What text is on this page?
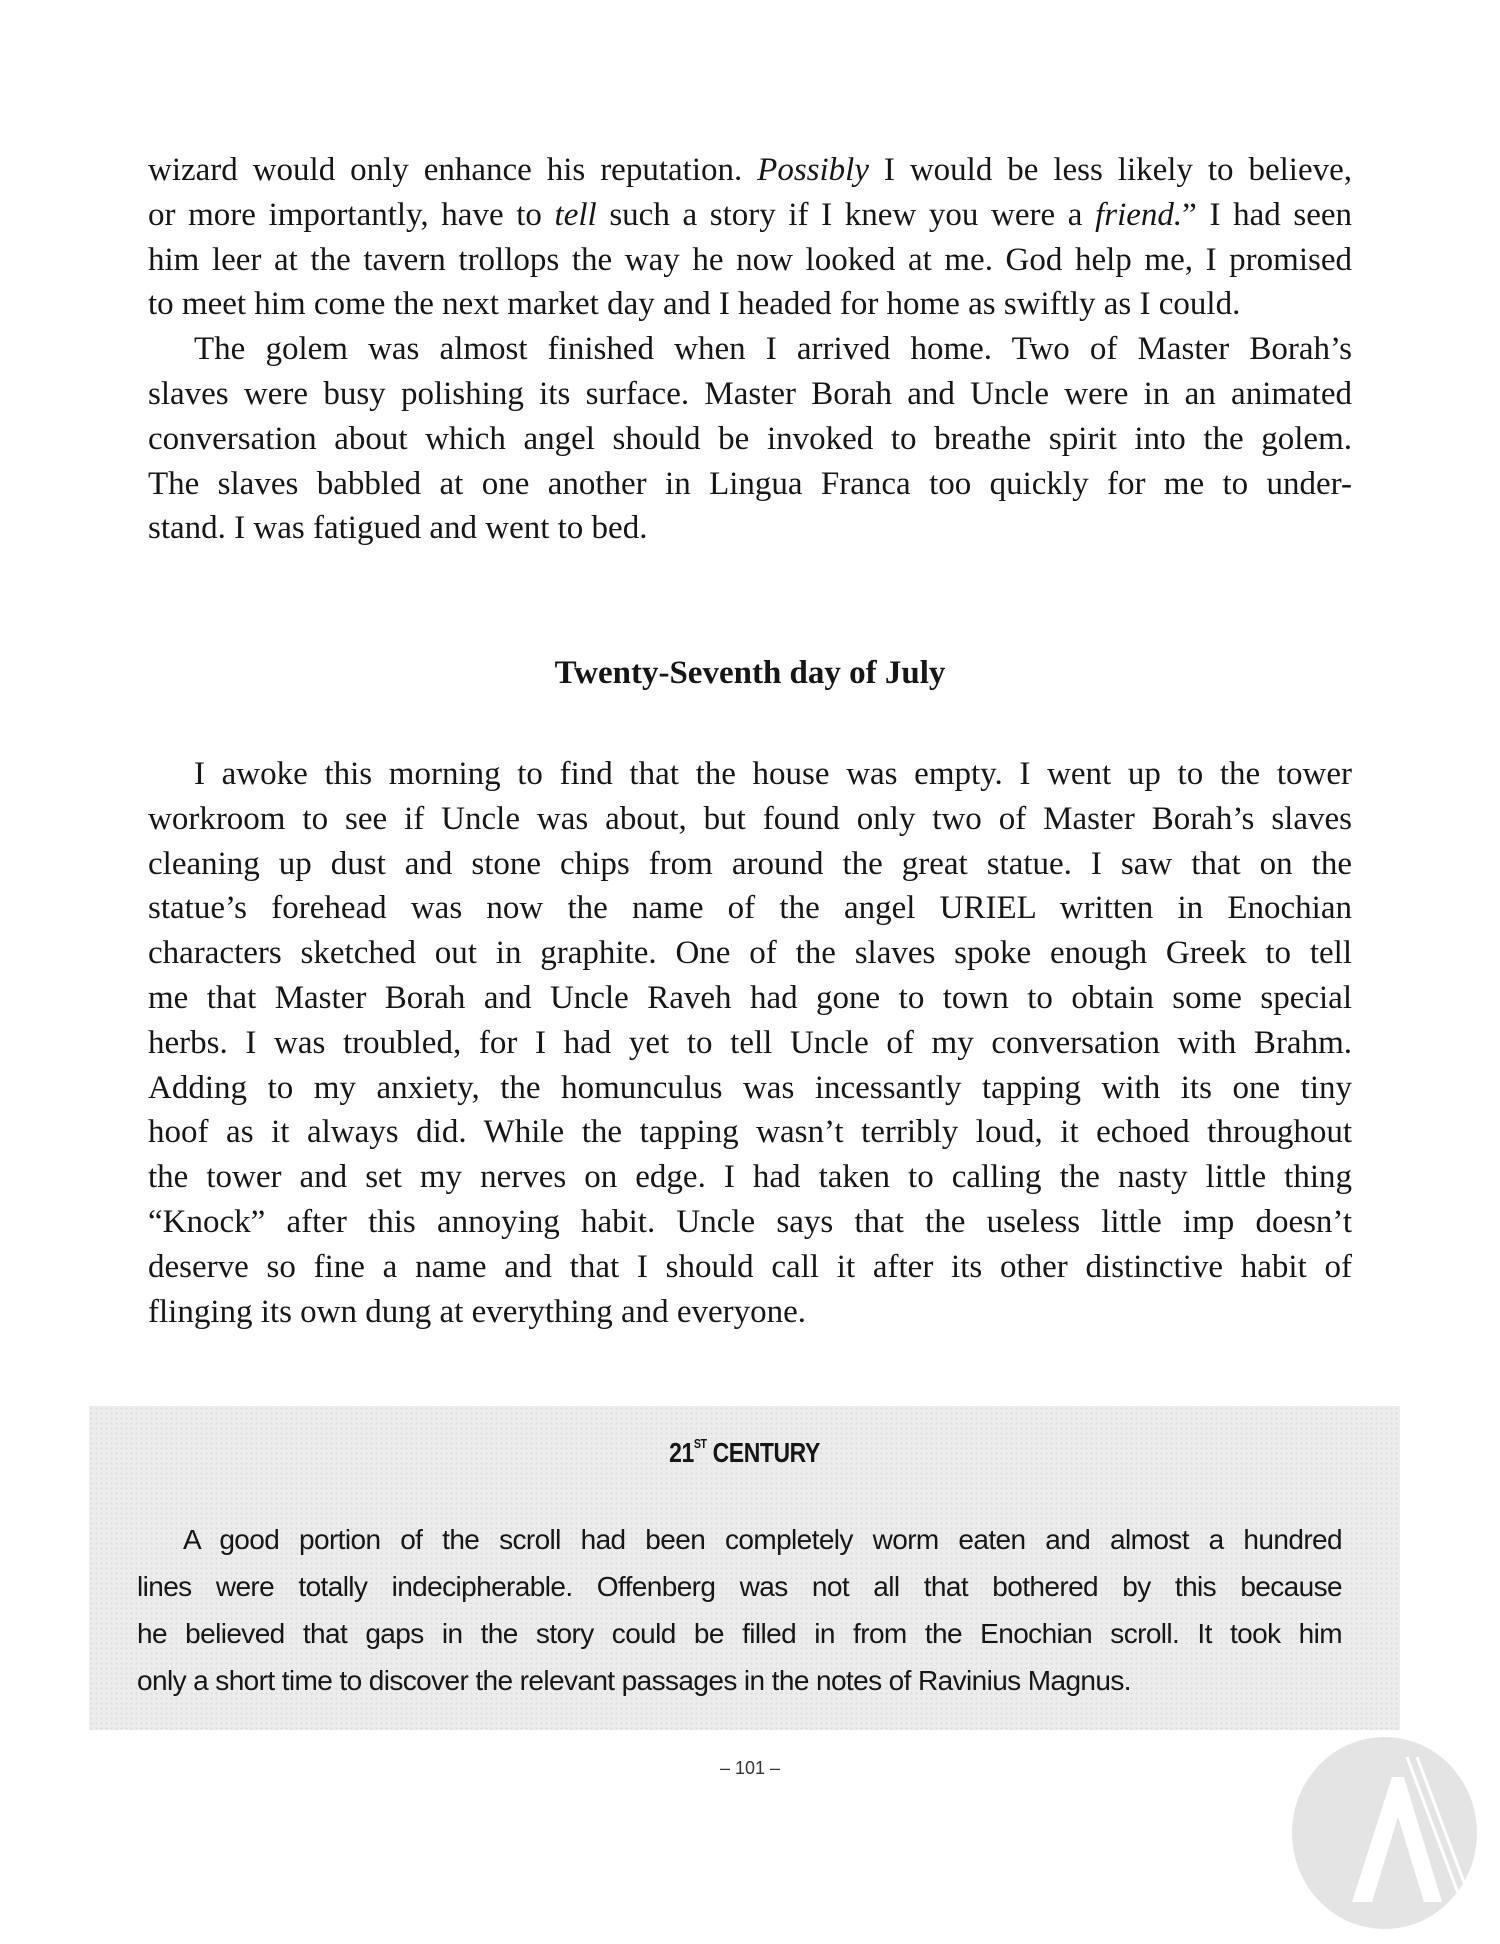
wizard would only enhance his reputation. Possibly I would be less likely to believe,
or more importantly, have to tell such a story if I knew you were a friend.” I had seen
him leer at the tavern trollops the way he now looked at me. God help me, I promised
to meet him come the next market day and I headed for home as swiftly as I could.
The golem was almost finished when I arrived home. Two of Master Borah’s
slaves were busy polishing its surface. Master Borah and Uncle were in an animated
conversation about which angel should be invoked to breathe spirit into the golem.
The slaves babbled at one another in Lingua Franca too quickly for me to under-
stand. I was fatigued and went to bed.
Twenty-Seventh day of July
I awoke this morning to find that the house was empty. I went up to the tower
workroom to see if Uncle was about, but found only two of Master Borah’s slaves
cleaning up dust and stone chips from around the great statue. I saw that on the
statue’s forehead was now the name of the angel URIEL written in Enochian
characters sketched out in graphite. One of the slaves spoke enough Greek to tell
me that Master Borah and Uncle Raveh had gone to town to obtain some special
herbs. I was troubled, for I had yet to tell Uncle of my conversation with Brahm.
Adding to my anxiety, the homunculus was incessantly tapping with its one tiny
hoof as it always did. While the tapping wasn’t terribly loud, it echoed throughout
the tower and set my nerves on edge. I had taken to calling the nasty little thing
“Knock” after this annoying habit. Uncle says that the useless little imp doesn’t
deserve so fine a name and that I should call it after its other distinctive habit of
flinging its own dung at everything and everyone.
21ST CENTURY
A good portion of the scroll had been completely worm eaten and almost a hundred
lines were totally indecipherable. Offenberg was not all that bothered by this because
he believed that gaps in the story could be filled in from the Enochian scroll. It took him
only a short time to discover the relevant passages in the notes of Ravinius Magnus.
– 101 –
